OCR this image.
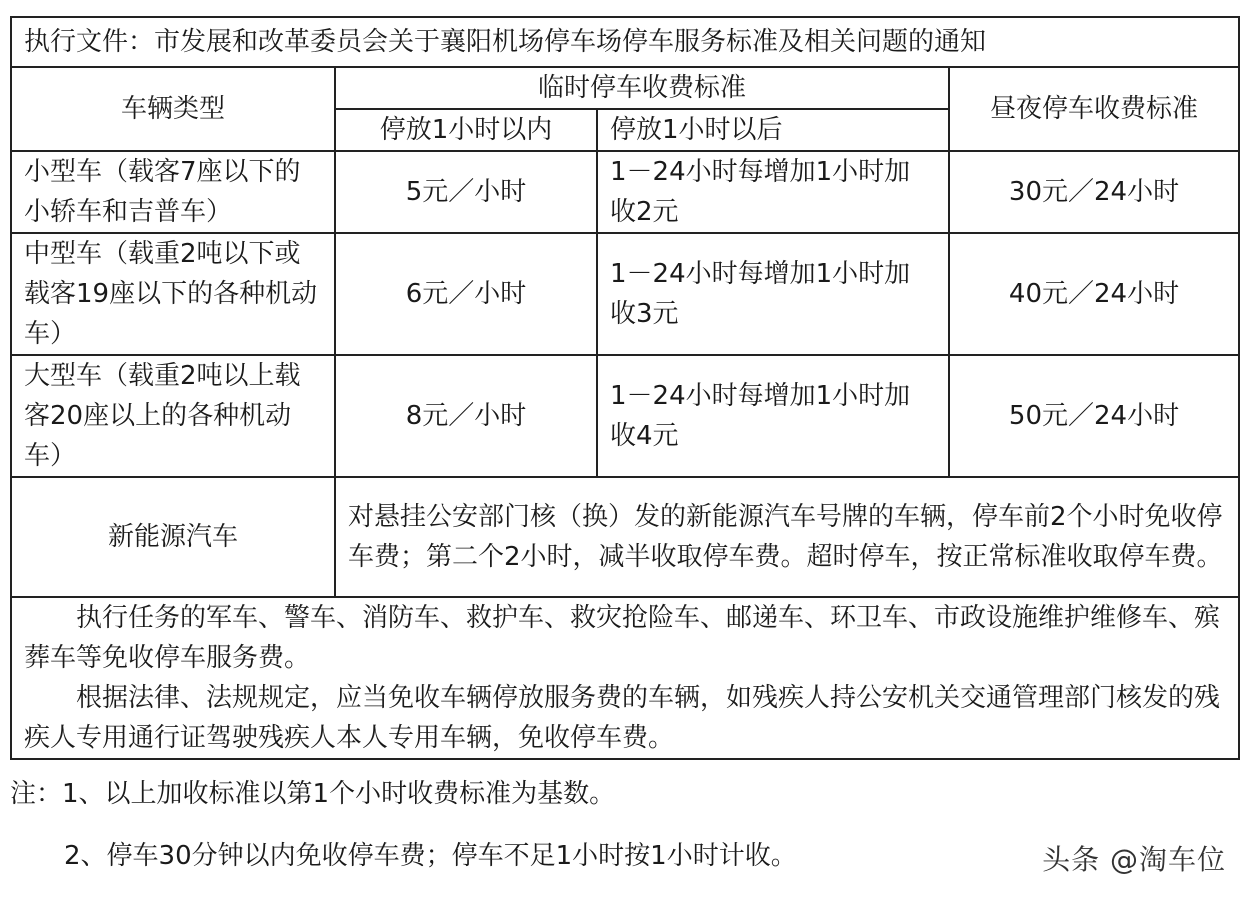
执行文件：市发展和改革委员会关于襄阳机场停车场停车服务标准及相关问题的通知			
车辆类型	临时停车收费标准		昼夜停车收费标准
	停放1小时以内	停放1小时以后	
小型车（载客7座以下的小轿车和吉普车）	5元／小时	1－24小时每增加1小时加收2元	30元／24小时
中型车（载重2吨以下或载客19座以下的各种机动车）	6元／小时	1－24小时每增加1小时加收3元	40元／24小时
大型车（载重2吨以上载客20座以上的各种机动车）	8元／小时	1－24小时每增加1小时加收4元	50元／24小时
新能源汽车	对悬挂公安部门核（换）发的新能源汽车号牌的车辆，停车前2个小时免收停车费；第二个2小时，减半收取停车费。超时停车，按正常标准收取停车费。		

执行任务的军车、警车、消防车、救护车、救灾抢险车、邮递车、环卫车、市政设施维护维修车、殡葬车等免收停车服务费。

根据法律、法规规定，应当免收车辆停放服务费的车辆，如残疾人持公安机关交通管理部门核发的残疾人专用通行证驾驶残疾人本人专用车辆，免收停车费。			

注：1、以上加收标准以第1个小时收费标准为基数。
2、停车30分钟以内免收停车费；停车不足1小时按1小时计收。	头条 @淘车位
